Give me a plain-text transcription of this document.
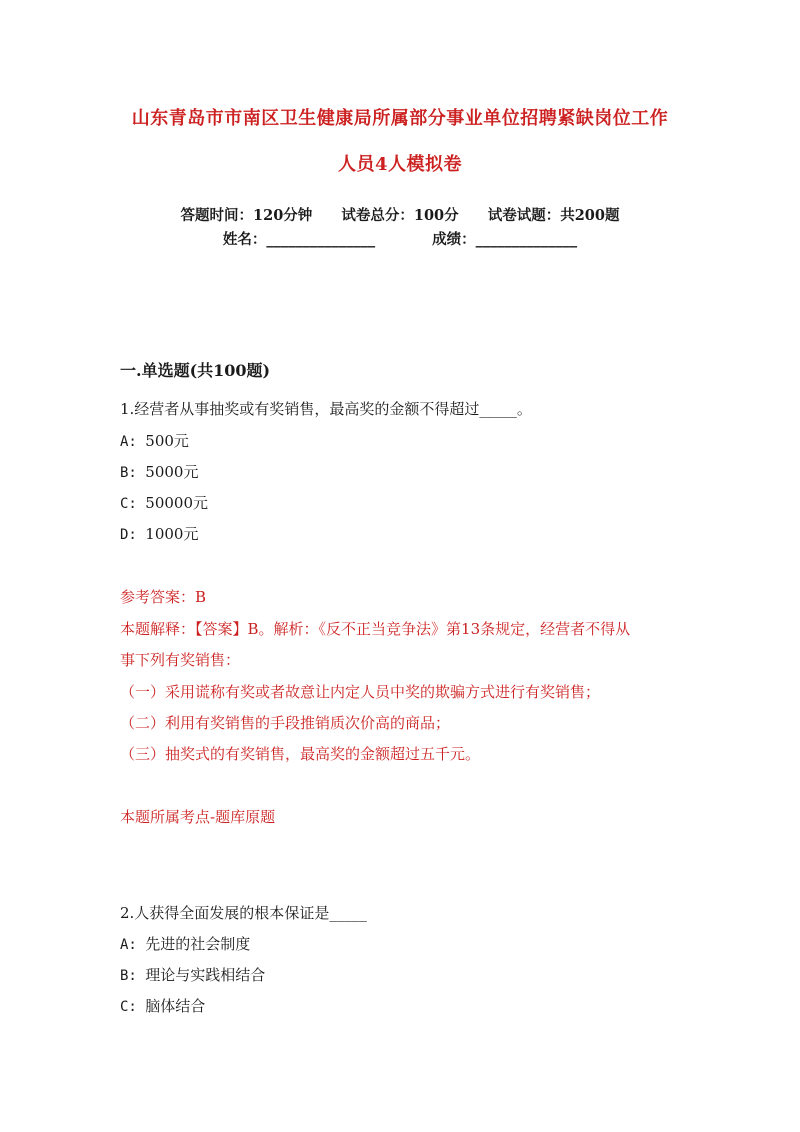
山东青岛市市南区卫生健康局所属部分事业单位招聘紧缺岗位工作
人员4人模拟卷
答题时间：120分钟 试卷总分：100分 试卷试题：共200题
姓名：_______________	成绩：______________
一.单选题(共100题)
1.经营者从事抽奖或有奖销售，最高奖的金额不得超过_____。
A: 500元
B: 5000元
C: 50000元
D: 1000元
参考答案：B
本题解释：【答案】B。解析：《反不正当竞争法》第13条规定，经营者不得从
事下列有奖销售：
（一）采用谎称有奖或者故意让内定人员中奖的欺骗方式进行有奖销售；
（二）利用有奖销售的手段推销质次价高的商品；
（三）抽奖式的有奖销售，最高奖的金额超过五千元。
本题所属考点-题库原题
2.人获得全面发展的根本保证是_____
A: 先进的社会制度
B: 理论与实践相结合
C: 脑体结合
